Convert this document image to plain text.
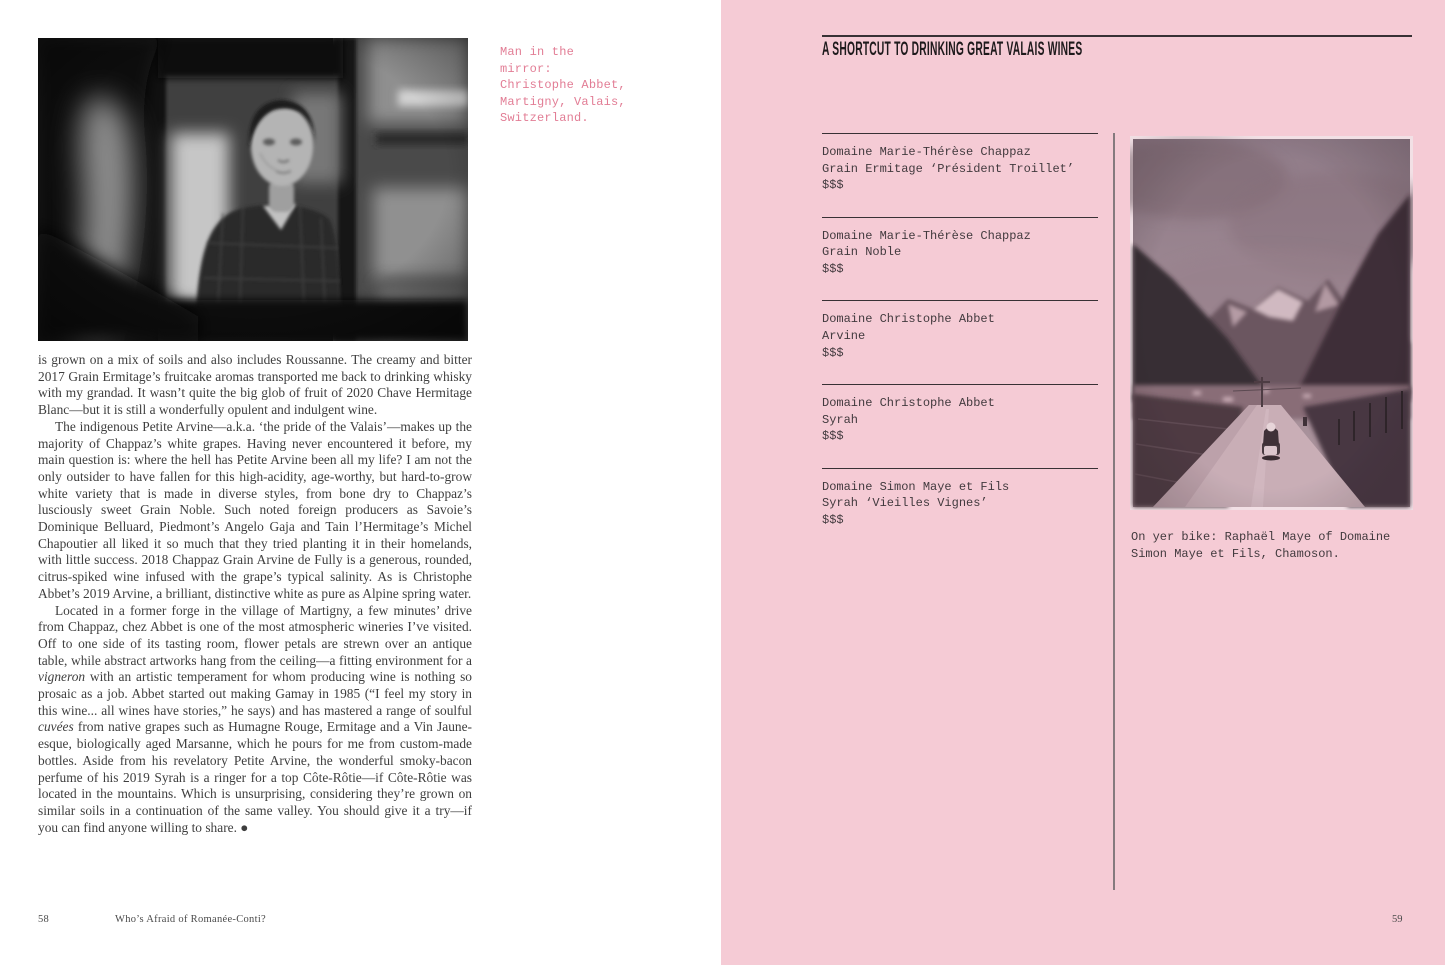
Man in the mirror: Christophe Abbet, Martigny, Valais, Switzerland.

is grown on a mix of soils and also includes Roussanne. The creamy and bitter 2017 Grain Ermitage’s fruitcake aromas transported me back to drinking whisky with my grandad. It wasn’t quite the big glob of fruit of 2020 Chave Hermitage Blanc—but it is still a wonderfully opulent and indulgent wine.

The indigenous Petite Arvine—a.k.a. ‘the pride of the Valais’—makes up the majority of Chappaz’s white grapes. Having never encountered it before, my main question is: where the hell has Petite Arvine been all my life? I am not the only outsider to have fallen for this high-acidity, age-worthy, but hard-to-grow white variety that is made in diverse styles, from bone dry to Chappaz’s lusciously sweet Grain Noble. Such noted foreign producers as Savoie’s Dominique Belluard, Piedmont’s Angelo Gaja and Tain l’Hermitage’s Michel Chapoutier all liked it so much that they tried planting it in their homelands, with little success. 2018 Chappaz Grain Arvine de Fully is a generous, rounded, citrus-spiked wine infused with the grape’s typical salinity. As is Christophe Abbet’s 2019 Arvine, a brilliant, distinctive white as pure as Alpine spring water.

Located in a former forge in the village of Martigny, a few minutes’ drive from Chappaz, chez Abbet is one of the most atmospheric wineries I’ve visited. Off to one side of its tasting room, flower petals are strewn over an antique table, while abstract artworks hang from the ceiling—a fitting environment for a vigneron with an artistic temperament for whom producing wine is nothing so prosaic as a job. Abbet started out making Gamay in 1985 (“I feel my story in this wine... all wines have stories,” he says) and has mastered a range of soulful cuvées from native grapes such as Humagne Rouge, Ermitage and a Vin Jaune-esque, biologically aged Marsanne, which he pours for me from custom-made bottles. Aside from his revelatory Petite Arvine, the wonderful smoky-bacon perfume of his 2019 Syrah is a ringer for a top Côte-Rôtie—if Côte-Rôtie was located in the mountains. Which is unsurprising, considering they’re grown on similar soils in a continuation of the same valley. You should give it a try—if you can find anyone willing to share. ●

58	Who’s Afraid of Romanée-Conti?
A SHORTCUT TO DRINKING GREAT VALAIS WINES
Domaine Marie-Thérèse Chappaz
Grain Ermitage ‘Président Troillet’
$$$
Domaine Marie-Thérèse Chappaz
Grain Noble
$$$
Domaine Christophe Abbet
Arvine
$$$
Domaine Christophe Abbet
Syrah
$$$
Domaine Simon Maye et Fils
Syrah ‘Vieilles Vignes’
$$$
On yer bike: Raphaël Maye of Domaine Simon Maye et Fils, Chamoson.
59
